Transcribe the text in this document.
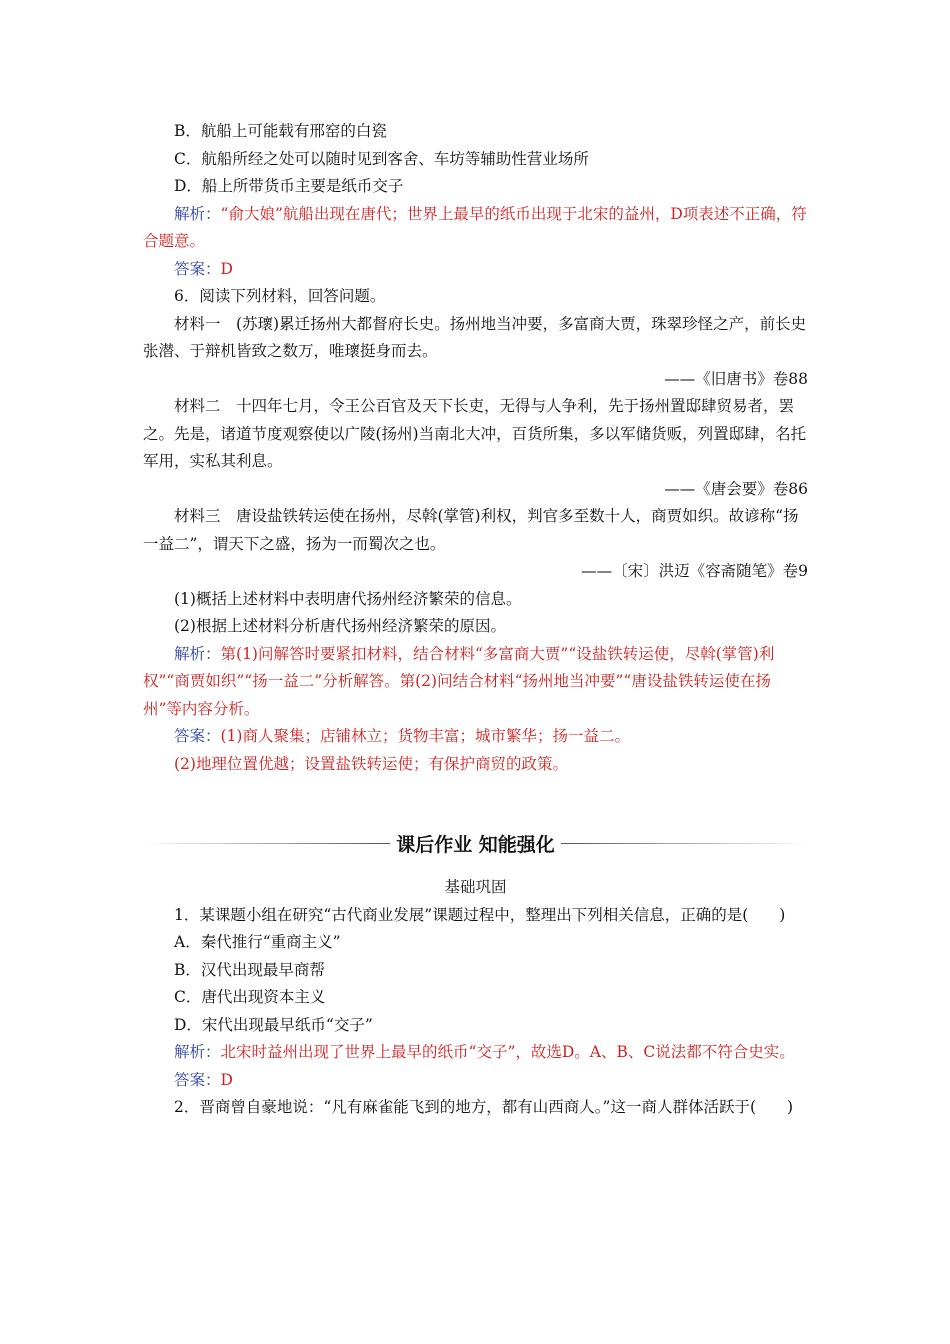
B．航船上可能载有邢窑的白瓷

C．航船所经之处可以随时见到客舍、车坊等辅助性营业场所

D．船上所带货币主要是纸币交子

解析：“俞大娘”航船出现在唐代；世界上最早的纸币出现于北宋的益州，D项表述不正确，符合题意。

答案：D

6．阅读下列材料，回答问题。

材料一　(苏瓌)累迁扬州大都督府长史。扬州地当冲要，多富商大贾，珠翠珍怪之产，前长史张潜、于辩机皆致之数万，唯瓌挺身而去。

——《旧唐书》卷88

材料二　十四年七月，令王公百官及天下长吏，无得与人争利，先于扬州置邸肆贸易者，罢之。先是，诸道节度观察使以广陵(扬州)当南北大冲，百货所集，多以军储货贩，列置邸肆，名托军用，实私其利息。

——《唐会要》卷86

材料三　唐设盐铁转运使在扬州，尽斡(掌管)利权，判官多至数十人，商贾如织。故谚称“扬一益二”，谓天下之盛，扬为一而蜀次之也。

——〔宋〕洪迈《容斋随笔》卷9

(1)概括上述材料中表明唐代扬州经济繁荣的信息。

(2)根据上述材料分析唐代扬州经济繁荣的原因。

解析：第(1)问解答时要紧扣材料，结合材料“多富商大贾”“设盐铁转运使，尽斡(掌管)利权”“商贾如织”“扬一益二”分析解答。第(2)问结合材料“扬州地当冲要”“唐设盐铁转运使在扬州”等内容分析。

答案：(1)商人聚集；店铺林立；货物丰富；城市繁华；扬一益二。

(2)地理位置优越；设置盐铁转运使；有保护商贸的政策。

课后作业 知能强化

基础巩固

1．某课题小组在研究“古代商业发展”课题过程中，整理出下列相关信息，正确的是(　　)

A．秦代推行“重商主义”

B．汉代出现最早商帮

C．唐代出现资本主义

D．宋代出现最早纸币“交子”

解析：北宋时益州出现了世界上最早的纸币“交子”，故选D。A、B、C说法都不符合史实。

答案：D

2．晋商曾自豪地说：“凡有麻雀能飞到的地方，都有山西商人。”这一商人群体活跃于(　　)
